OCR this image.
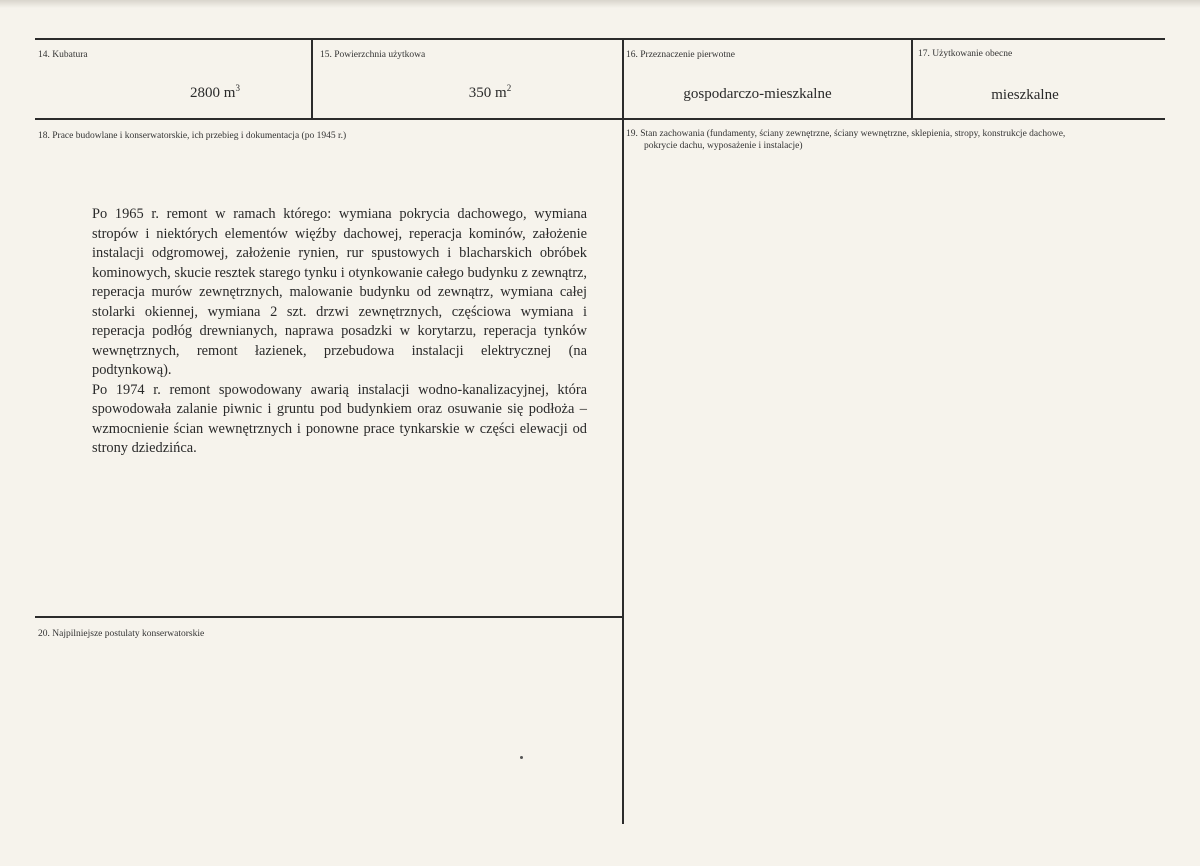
14. Kubatura
2800 $m^3$
15. Powierzchnia użytkowa
350 $m^2$
16. Przeznaczenie pierwotne
gospodarczo-mieszkalne
17. Użytkowanie obecne
mieszkalne
18. Prace budowlane i konserwatorskie, ich przebieg i dokumentacja (po 1945 r.)

Po 1965 r. remont w ramach którego: wymiana pokrycia dachowego, wymiana stropów i niektórych elementów więźby dachowej, reperacja kominów, założenie instalacji odgromowej, założenie rynien, rur spustowych i blacharskich obróbek kominowych, skucie resztek starego tynku i otynkowanie całego budynku z zewnątrz, reperacja murów zewnętrznych, malowanie budynku od zewnątrz, wymiana całej stolarki okiennej, wymiana 2 szt. drzwi zewnętrznych, częściowa wymiana i reperacja podłóg drewnianych, naprawa posadzki w korytarzu, reperacja tynków wewnętrznych, remont łazienek, przebudowa instalacji elektrycznej (na podtynkową).

Po 1974 r. remont spowodowany awarią instalacji wodno-kanalizacyjnej, która spowodowała zalanie piwnic i gruntu pod budynkiem oraz osuwanie się podłoża – wzmocnienie ścian wewnętrznych i ponowne prace tynkarskie w części elewacji od strony dziedzińca.

19. Stan zachowania (fundamenty, ściany zewnętrzne, ściany wewnętrzne, sklepienia, stropy, konstrukcje dachowe,
pokrycie dachu, wyposażenie i instalacje)
20. Najpilniejsze postulaty konserwatorskie
